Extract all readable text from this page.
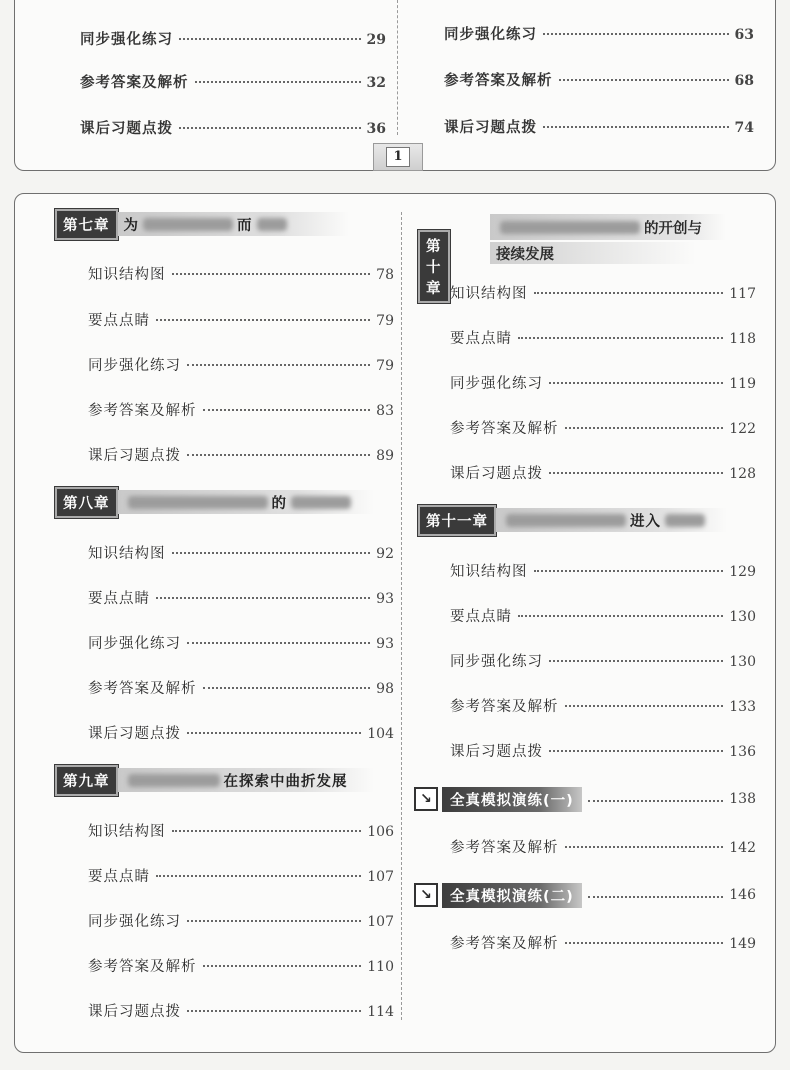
同步强化练习	29
参考答案及解析	32
课后习题点拨	36
同步强化练习	63
参考答案及解析	68
课后习题点拨	74
1
第七章 为	而
知识结构图	78
要点点睛	79
同步强化练习	79
参考答案及解析	83
课后习题点拨	89
第八章	的
知识结构图	92
要点点睛	93
同步强化练习	93
参考答案及解析	98
课后习题点拨	104
第九章	在探索中曲折发展
知识结构图	106
要点点睛	107
同步强化练习	107
参考答案及解析	110
课后习题点拨	114
第十章
的开创与
接续发展
知识结构图	117
要点点睛	118
同步强化练习	119
参考答案及解析	122
课后习题点拨	128
第十一章	进入
知识结构图	129
要点点睛	130
同步强化练习	130
参考答案及解析	133
课后习题点拨	136
↘	全真模拟演练(一)	138
参考答案及解析	142
↘	全真模拟演练(二)	146
参考答案及解析	149
